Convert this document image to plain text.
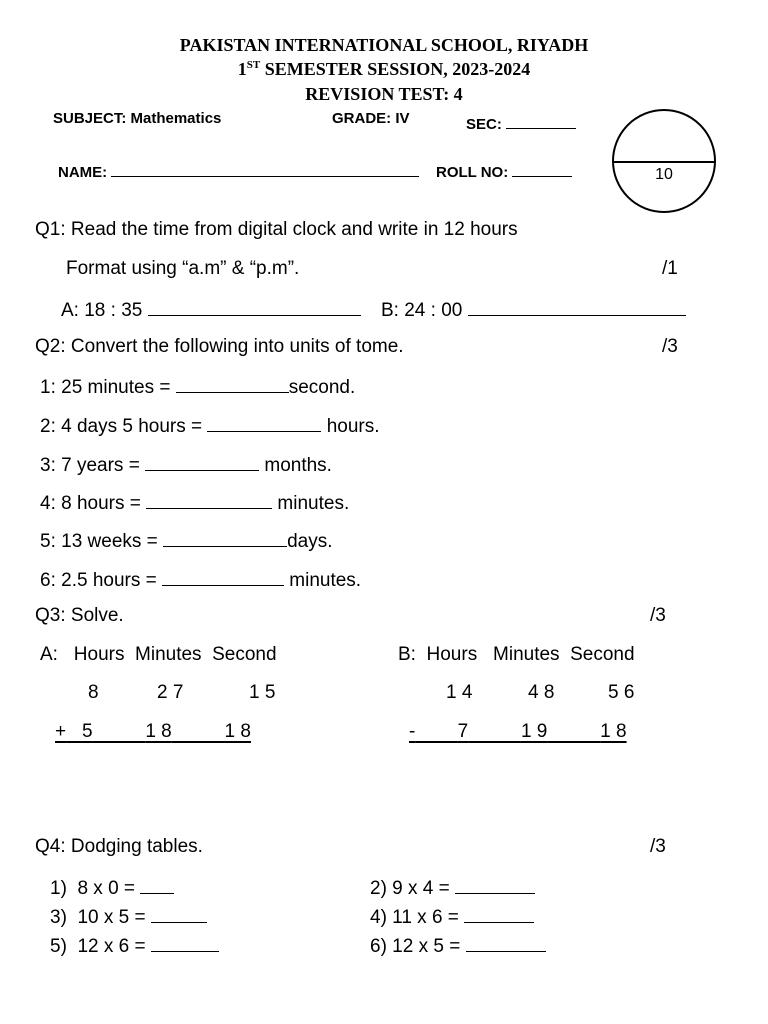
PAKISTAN INTERNATIONAL SCHOOL, RIYADH
1ST SEMESTER SESSION, 2023-2024
REVISION TEST: 4
SUBJECT: Mathematics	GRADE: IV	SEC:
NAME:	ROLL NO:	10
Q1: Read the time from digital clock and write in 12 hours
Format using “a.m” & “p.m”.	/1
A: 18 : 35	B: 24 : 00
Q2: Convert the following into units of tome.	/3
1: 25 minutes =	second.
2: 4 days 5 hours =	hours.
3: 7 years =	months.
4: 8 hours =	minutes.
5: 13 weeks =	days.
6: 2.5 hours =	minutes.
Q3: Solve.	/3
A:   Hours  Minutes  Second	B:  Hours   Minutes  Second
8	2 7	1 5
+ 5	1 8	1 8
1 4	4 8	5 6
- 7	1 9	1 8
Q4: Dodging tables.	/3
1)  8 x 0 =	2) 9 x 4 =
3)  10 x 5 =	4) 11 x 6 =
5)  12 x 6 =	6) 12 x 5 =
